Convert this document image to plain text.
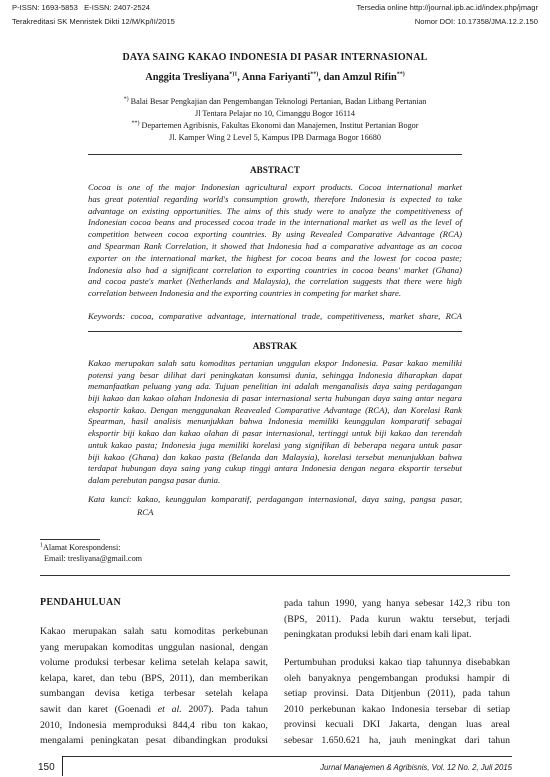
P-ISSN: 1693-5853   E-ISSN: 2407-2524	Tersedia online http://journal.ipb.ac.id/index.php/jmagr
Terakreditasi SK Menristek Dikti 12/M/Kp/II/2015	Nomor DOI: 10.17358/JMA.12.2.150
DAYA SAING KAKAO INDONESIA DI PASAR INTERNASIONAL
Anggita Tresliyana$^{*)1}$, Anna Fariyanti**), dan Amzul Rifin**)
*) Balai Besar Pengkajian dan Pengembangan Teknologi Pertanian, Badan Litbang Pertanian
Jl Tentara Pelajar no 10, Cimanggu Bogor 16114
**) Departemen Agribisnis, Fakultas Ekonomi dan Manajemen, Institut Pertanian Bogor
Jl. Kamper Wing 2 Level 5, Kampus IPB Darmaga Bogor 16680
ABSTRACT
Cocoa is one of the major Indonesian agricultural export products. Cocoa international market
has great potential regarding world's consumption growth, therefore Indonesia is expected to take
advantage on existing opportunities. The aims of this study were to analyze the competitiveness of
Indonesian cocoa beans and processed cocoa trade in the international market as well as the level of
competition between cocoa exporting countries. By using Revealed Comparative Advantage (RCA)
and Spearman Rank Correlation, it showed that Indonesia had a comparative advantage as an cocoa
exporter on the international market, the highest for cocoa beans and the lowest for cocoa paste;
Indonesia also had a significant correlation to exporting countries in cocoa beans' market (Ghana)
and cocoa paste's market (Netherlands and Malaysia), the correlation suggests that there were high
correlation between Indonesia and the exporting countries in competing for market share.
Keywords: cocoa, comparative advantage, international trade, competitiveness, market share, RCA
ABSTRAK
Kakao merupakan salah satu komoditas pertanian unggulan ekspor Indonesia. Pasar kakao memiliki
potensi yang besar dilihat dari peningkatan konsumsi dunia, sehingga Indonesia diharapkan dapat
memanfaatkan peluang yang ada. Tujuan penelitian ini adalah menganalisis daya saing perdagangan
biji kakao dan kakao olahan Indonesia di pasar internasional serta hubungan daya saing antar negara
eksportir kakao. Dengan menggunakan Reavealed Comparative Advantage (RCA), dan Korelasi Rank
Spearman, hasil analisis menunjukkan bahwa Indonesia memiliki keunggulan komparatif sebagai
eksportir biji kakao dan kakao olahan di pasar internasional, tertinggi untuk biji kakao dan terendah
untuk kakao pasta; Indonesia juga memiliki korelasi yang signifikan di beberapa negara untuk pasar
biji kakao (Ghana) dan kakao pasta (Belanda dan Malaysia), korelasi tersebut menunjukkan bahwa
terdapat hubungan daya saing yang cukup tinggi antara Indonesia dengan negara eksportir tersebut
dalam perebutan pangsa pasar dunia.
Kata kunci: kakao, keunggulan komparatif, perdagangan internasional, daya saing, pangsa pasar,
RCA
$^1$Alamat Korespondensi:
Email: tresliyana@gmail.com
PENDAHULUAN
Kakao merupakan salah satu komoditas perkebunan
yang merupakan komoditas unggulan nasional, dengan
volume produksi terbesar kelima setelah kelapa sawit,
kelapa, karet, dan tebu (BPS, 2011), dan memberikan
sumbangan devisa ketiga terbesar setelah kelapa
sawit dan karet (Goenadi et al. 2007). Pada tahun
2010, Indonesia memproduksi 844,4 ribu ton kakao,
mengalami peningkatan pesat dibandingkan produksi
pada tahun 1990, yang hanya sebesar 142,3 ribu ton
(BPS, 2011). Pada kurun waktu tersebut, terjadi
peningkatan produksi lebih dari enam kali lipat.
Pertumbuhan produksi kakao tiap tahunnya disebabkan
oleh banyaknya pengembangan produksi hampir di
setiap provinsi. Data Ditjenbun (2011), pada tahun
2010 perkebunan kakao Indonesia tersebar di setiap
provinsi kecuali DKI Jakarta, dengan luas areal
sebesar 1.650.621 ha, jauh meningkat dari tahun
150	Jurnal Manajemen & Agribisnis, Vol. 12 No. 2, Juli 2015
